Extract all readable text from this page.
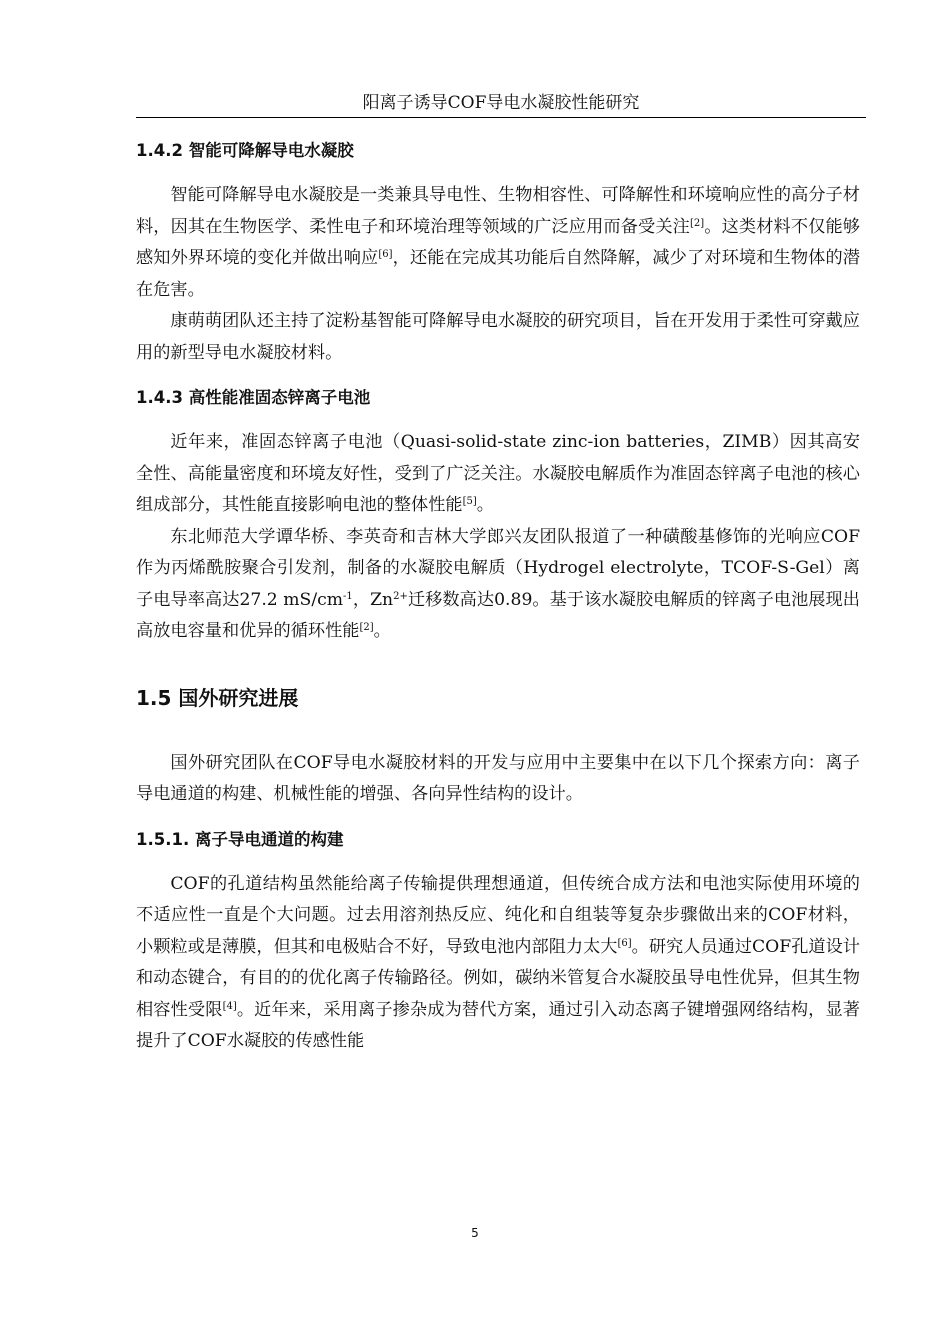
阳离子诱导COF导电水凝胶性能研究
1.4.2 智能可降解导电水凝胶

智能可降解导电水凝胶是一类兼具导电性、生物相容性、可降解性和环境响应性的高分子材料，因其在生物医学、柔性电子和环境治理等领域的广泛应用而备受关注[2]。这类材料不仅能够感知外界环境的变化并做出响应[6]，还能在完成其功能后自然降解，减少了对环境和生物体的潜在危害。

康萌萌团队还主持了淀粉基智能可降解导电水凝胶的研究项目，旨在开发用于柔性可穿戴应用的新型导电水凝胶材料。

1.4.3 高性能准固态锌离子电池

近年来，准固态锌离子电池（Quasi-solid-state zinc-ion batteries，ZIMB）因其高安全性、高能量密度和环境友好性，受到了广泛关注。水凝胶电解质作为准固态锌离子电池的核心组成部分，其性能直接影响电池的整体性能[5]。

东北师范大学谭华桥、李英奇和吉林大学郎兴友团队报道了一种磺酸基修饰的光响应COF作为丙烯酰胺聚合引发剂，制备的水凝胶电解质（Hydrogel electrolyte，TCOF-S-Gel）离子电导率高达27.2 $mS/cm^{-1}$，$Zn^{2+}$迁移数高达0.89。基于该水凝胶电解质的锌离子电池展现出高放电容量和优异的循环性能[2]。

1.5 国外研究进展

国外研究团队在COF导电水凝胶材料的开发与应用中主要集中在以下几个探索方向：离子导电通道的构建、机械性能的增强、各向异性结构的设计。

1.5.1. 离子导电通道的构建

COF的孔道结构虽然能给离子传输提供理想通道，但传统合成方法和电池实际使用环境的不适应性一直是个大问题。过去用溶剂热反应、纯化和自组装等复杂步骤做出来的COF材料，小颗粒或是薄膜，但其和电极贴合不好，导致电池内部阻力太大[6]。研究人员通过COF孔道设计和动态键合，有目的的优化离子传输路径。例如，碳纳米管复合水凝胶虽导电性优异，但其生物相容性受限[4]。近年来，采用离子掺杂成为替代方案，通过引入动态离子键增强网络结构，显著提升了COF水凝胶的传感性能

5
